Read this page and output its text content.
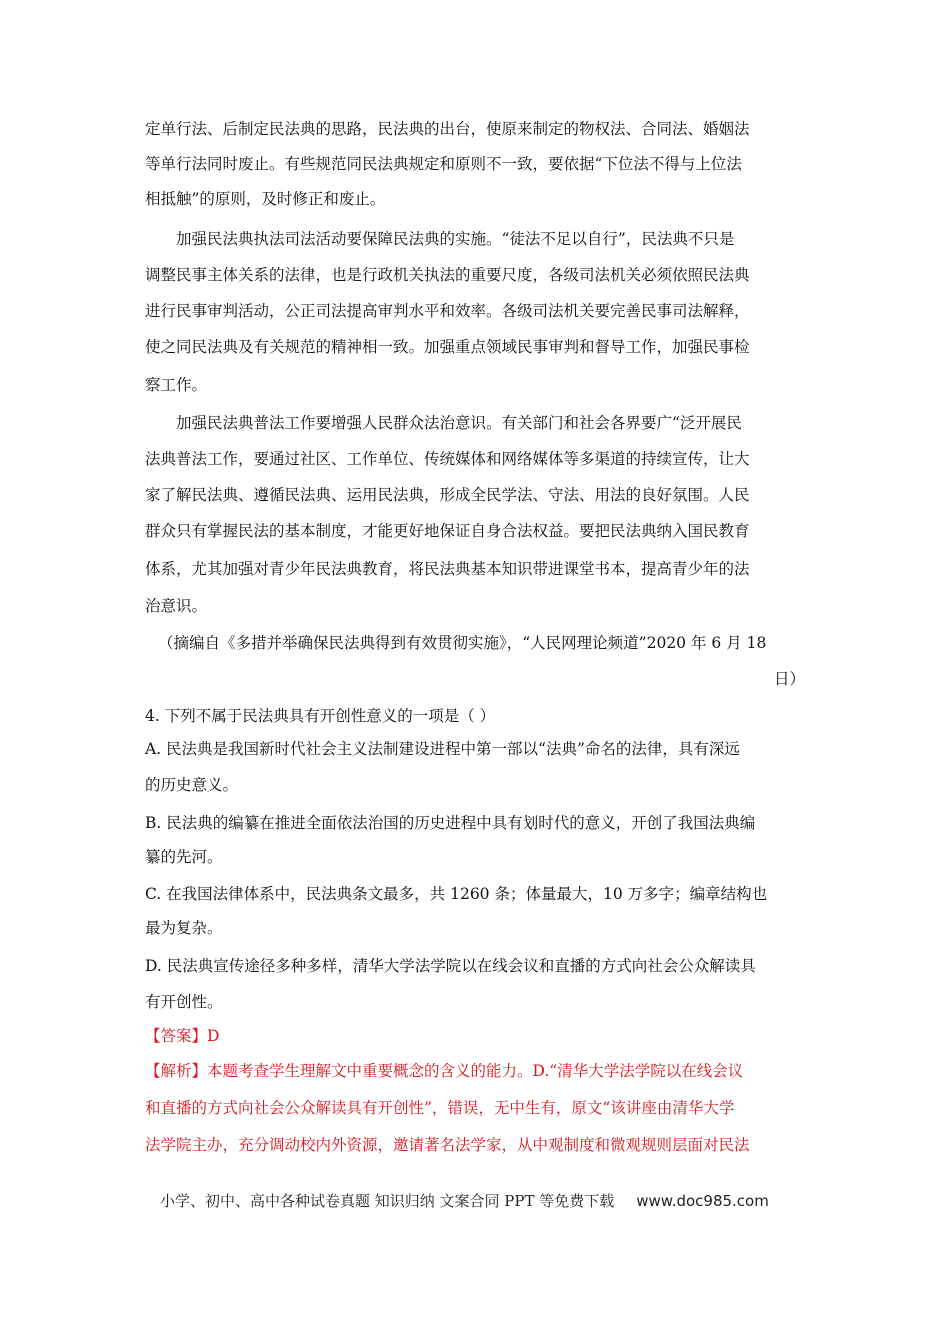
定单行法、后制定民法典的思路，民法典的出台，使原来制定的物权法、合同法、婚姻法

等单行法同时废止。有些规范同民法典规定和原则不一致，要依据“下位法不得与上位法

相抵触”的原则，及时修正和废止。

加强民法典执法司法活动要保障民法典的实施。“徒法不足以自行”，民法典不只是

调整民事主体关系的法律，也是行政机关执法的重要尺度，各级司法机关必须依照民法典

进行民事审判活动，公正司法提高审判水平和效率。各级司法机关要完善民事司法解释，

使之同民法典及有关规范的精神相一致。加强重点领域民事审判和督导工作，加强民事检

察工作。

加强民法典普法工作要增强人民群众法治意识。有关部门和社会各界要广“泛开展民

法典普法工作，要通过社区、工作单位、传统媒体和网络媒体等多渠道的持续宣传，让大

家了解民法典、遵循民法典、运用民法典，形成全民学法、守法、用法的良好氛围。人民

群众只有掌握民法的基本制度，才能更好地保证自身合法权益。要把民法典纳入国民教育

体系，尤其加强对青少年民法典教育，将民法典基本知识带进课堂书本，提高青少年的法

治意识。

（摘编自《多措并举确保民法典得到有效贯彻实施》，“人民网理论频道”2020 年 6 月 18

日）

4. 下列不属于民法典具有开创性意义的一项是（ ）

A. 民法典是我国新时代社会主义法制建设进程中第一部以“法典”命名的法律，具有深远

的历史意义。

B. 民法典的编纂在推进全面依法治国的历史进程中具有划时代的意义，开创了我国法典编

纂的先河。

C. 在我国法律体系中，民法典条文最多，共 1260 条；体量最大，10 万多字；编章结构也

最为复杂。

D. 民法典宣传途径多种多样，清华大学法学院以在线会议和直播的方式向社会公众解读具

有开创性。

【答案】D

【解析】本题考查学生理解文中重要概念的含义的能力。D.“清华大学法学院以在线会议

和直播的方式向社会公众解读具有开创性”，错误，无中生有，原文“该讲座由清华大学

法学院主办，充分调动校内外资源，邀请著名法学家，从中观制度和微观规则层面对民法

小学、初中、高中各种试卷真题 知识归纳 文案合同 PPT 等免费下载 www.doc985.com
